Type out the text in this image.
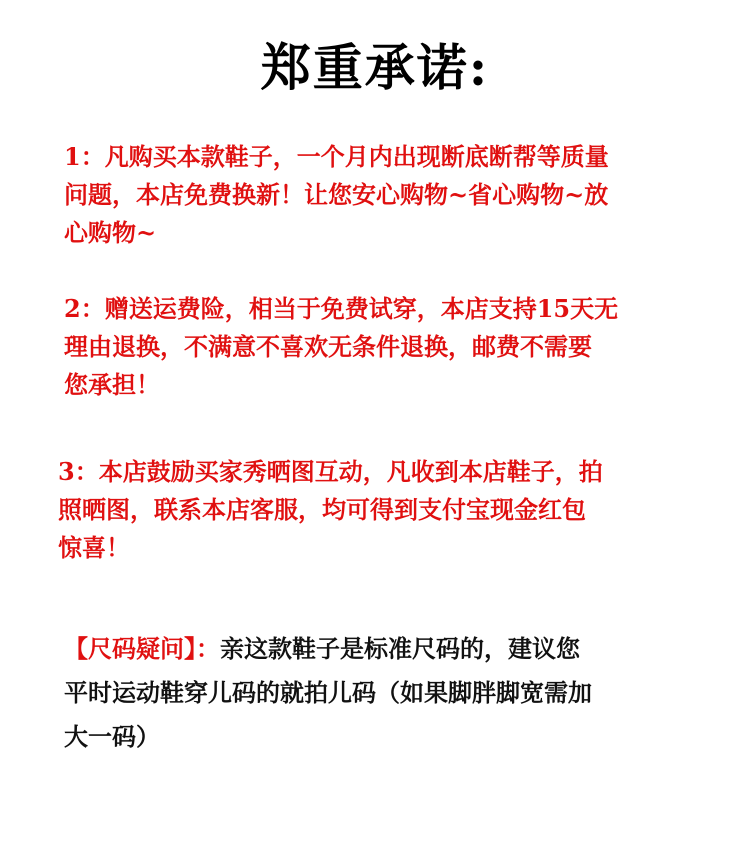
郑重承诺:
1：凡购买本款鞋子，一个月内出现断底断帮等质量
问题，本店免费换新！让您安心购物~省心购物~放
心购物~
2：赠送运费险，相当于免费试穿，本店支持15天无
理由退换，不满意不喜欢无条件退换，邮费不需要
您承担！
3：本店鼓励买家秀晒图互动，凡收到本店鞋子，拍
照晒图，联系本店客服，均可得到支付宝现金红包
惊喜！
【尺码疑问】：亲这款鞋子是标准尺码的，建议您
平时运动鞋穿儿码的就拍儿码（如果脚胖脚宽需加
大一码）
